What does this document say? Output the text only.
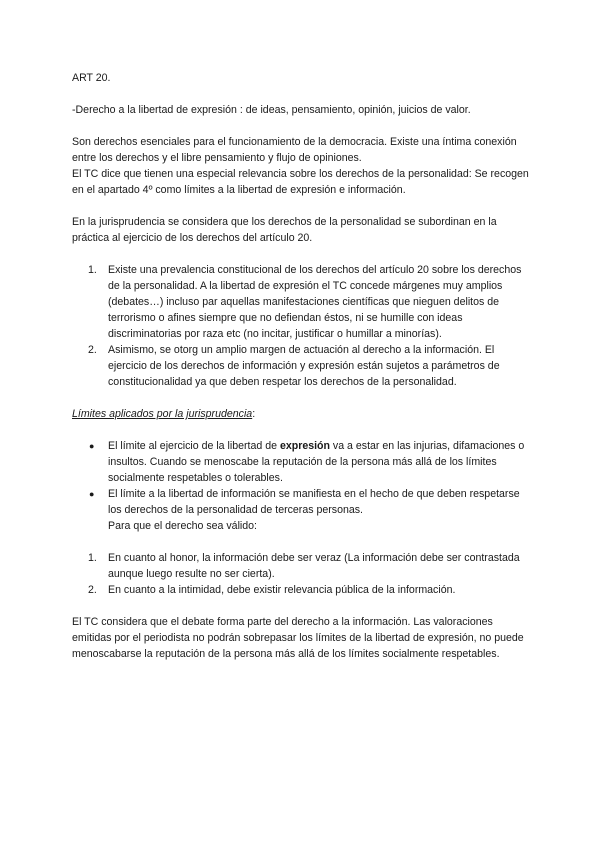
ART 20.

-Derecho a la libertad de expresión : de ideas, pensamiento, opinión, juicios de valor.

Son derechos esenciales para el funcionamiento de la democracia. Existe una íntima conexión entre los derechos y el libre pensamiento y flujo de opiniones.

El TC dice que tienen una especial relevancia sobre los derechos de la personalidad: Se recogen en el apartado 4º como límites a la libertad de expresión e información.

En la jurisprudencia se considera que los derechos de la personalidad se subordinan en la práctica al ejercicio de los derechos del artículo 20.

1.	Existe una prevalencia constitucional de los derechos del artículo 20 sobre los derechos de la personalidad. A la libertad de expresión el TC concede márgenes muy amplios (debates…) incluso par aquellas manifestaciones científicas que nieguen delitos de terrorismo o afines siempre que no defiendan éstos, ni se humille con ideas discriminatorias por raza etc (no incitar, justificar o humillar a minorías).
2.	Asimismo, se otorg un amplio margen de actuación al derecho a la información. El ejercicio de los derechos de información y expresión están sujetos a parámetros de constitucionalidad ya que deben respetar los derechos de la personalidad.

Límites aplicados por la jurisprudencia:

● El límite al ejercicio de la libertad de expresión va a estar en las injurias, difamaciones o insultos. Cuando se menoscabe la reputación de la persona más allá de los límites socialmente respetables o tolerables.
● El límite a la libertad de información se manifiesta en el hecho de que deben respetarse los derechos de la personalidad de terceras personas.

Para que el derecho sea válido:

1.	En cuanto al honor, la información debe ser veraz (La información debe ser contrastada aunque luego resulte no ser cierta).
2.	En cuanto a la intimidad, debe existir relevancia pública de la información.

El TC considera que el debate forma parte del derecho a la información. Las valoraciones emitidas por el periodista no podrán sobrepasar los límites de la libertad de expresión, no puede menoscabarse la reputación de la persona más allá de los límites socialmente respetables.
